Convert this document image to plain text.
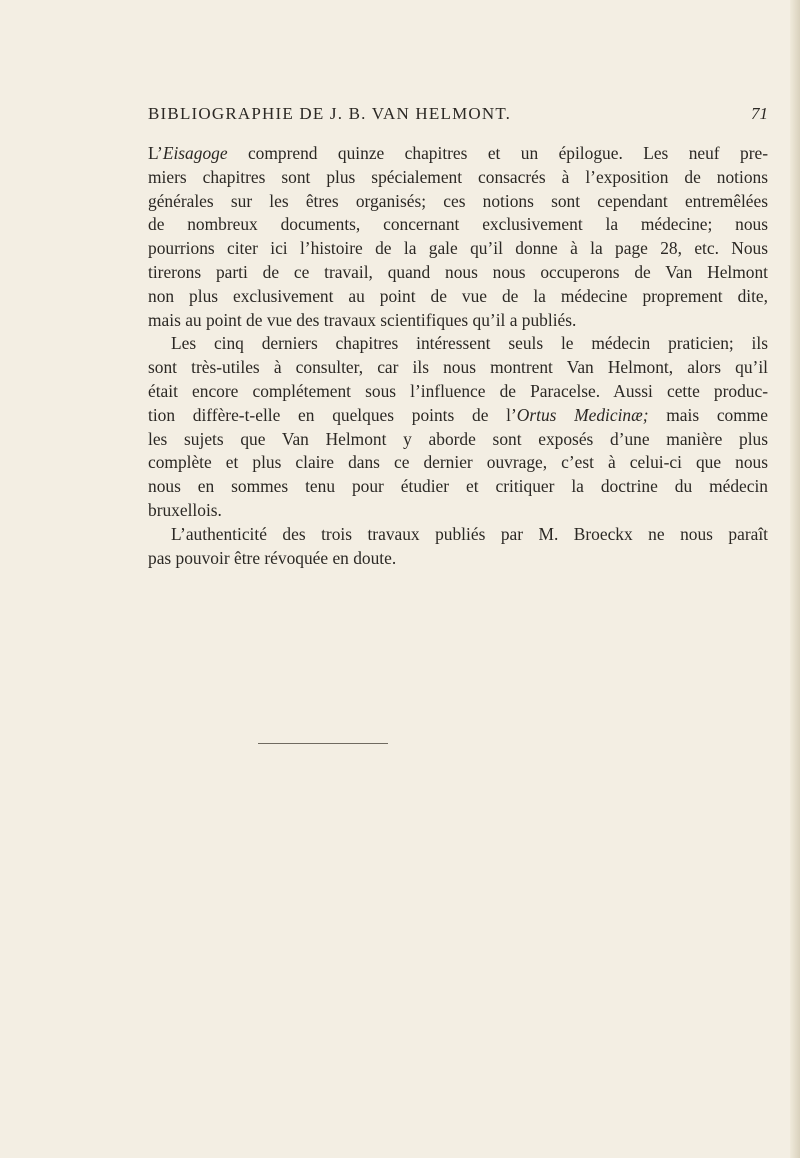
BIBLIOGRAPHIE DE J. B. VAN HELMONT.	71
L’Eisagoge comprend quinze chapitres et un épilogue. Les neuf pre-
miers chapitres sont plus spécialement consacrés à l’exposition de notions
générales sur les êtres organisés; ces notions sont cependant entremêlées
de nombreux documents, concernant exclusivement la médecine; nous
pourrions citer ici l’histoire de la gale qu’il donne à la page 28, etc. Nous
tirerons parti de ce travail, quand nous nous occuperons de Van Helmont
non plus exclusivement au point de vue de la médecine proprement dite,
mais au point de vue des travaux scientifiques qu’il a publiés.
Les cinq derniers chapitres intéressent seuls le médecin praticien; ils
sont très-utiles à consulter, car ils nous montrent Van Helmont, alors qu’il
était encore complétement sous l’influence de Paracelse. Aussi cette produc-
tion diffère-t-elle en quelques points de l’Ortus Medicinæ; mais comme
les sujets que Van Helmont y aborde sont exposés d’une manière plus
complète et plus claire dans ce dernier ouvrage, c’est à celui-ci que nous
nous en sommes tenu pour étudier et critiquer la doctrine du médecin
bruxellois.
L’authenticité des trois travaux publiés par M. Broeckx ne nous paraît
pas pouvoir être révoquée en doute.
